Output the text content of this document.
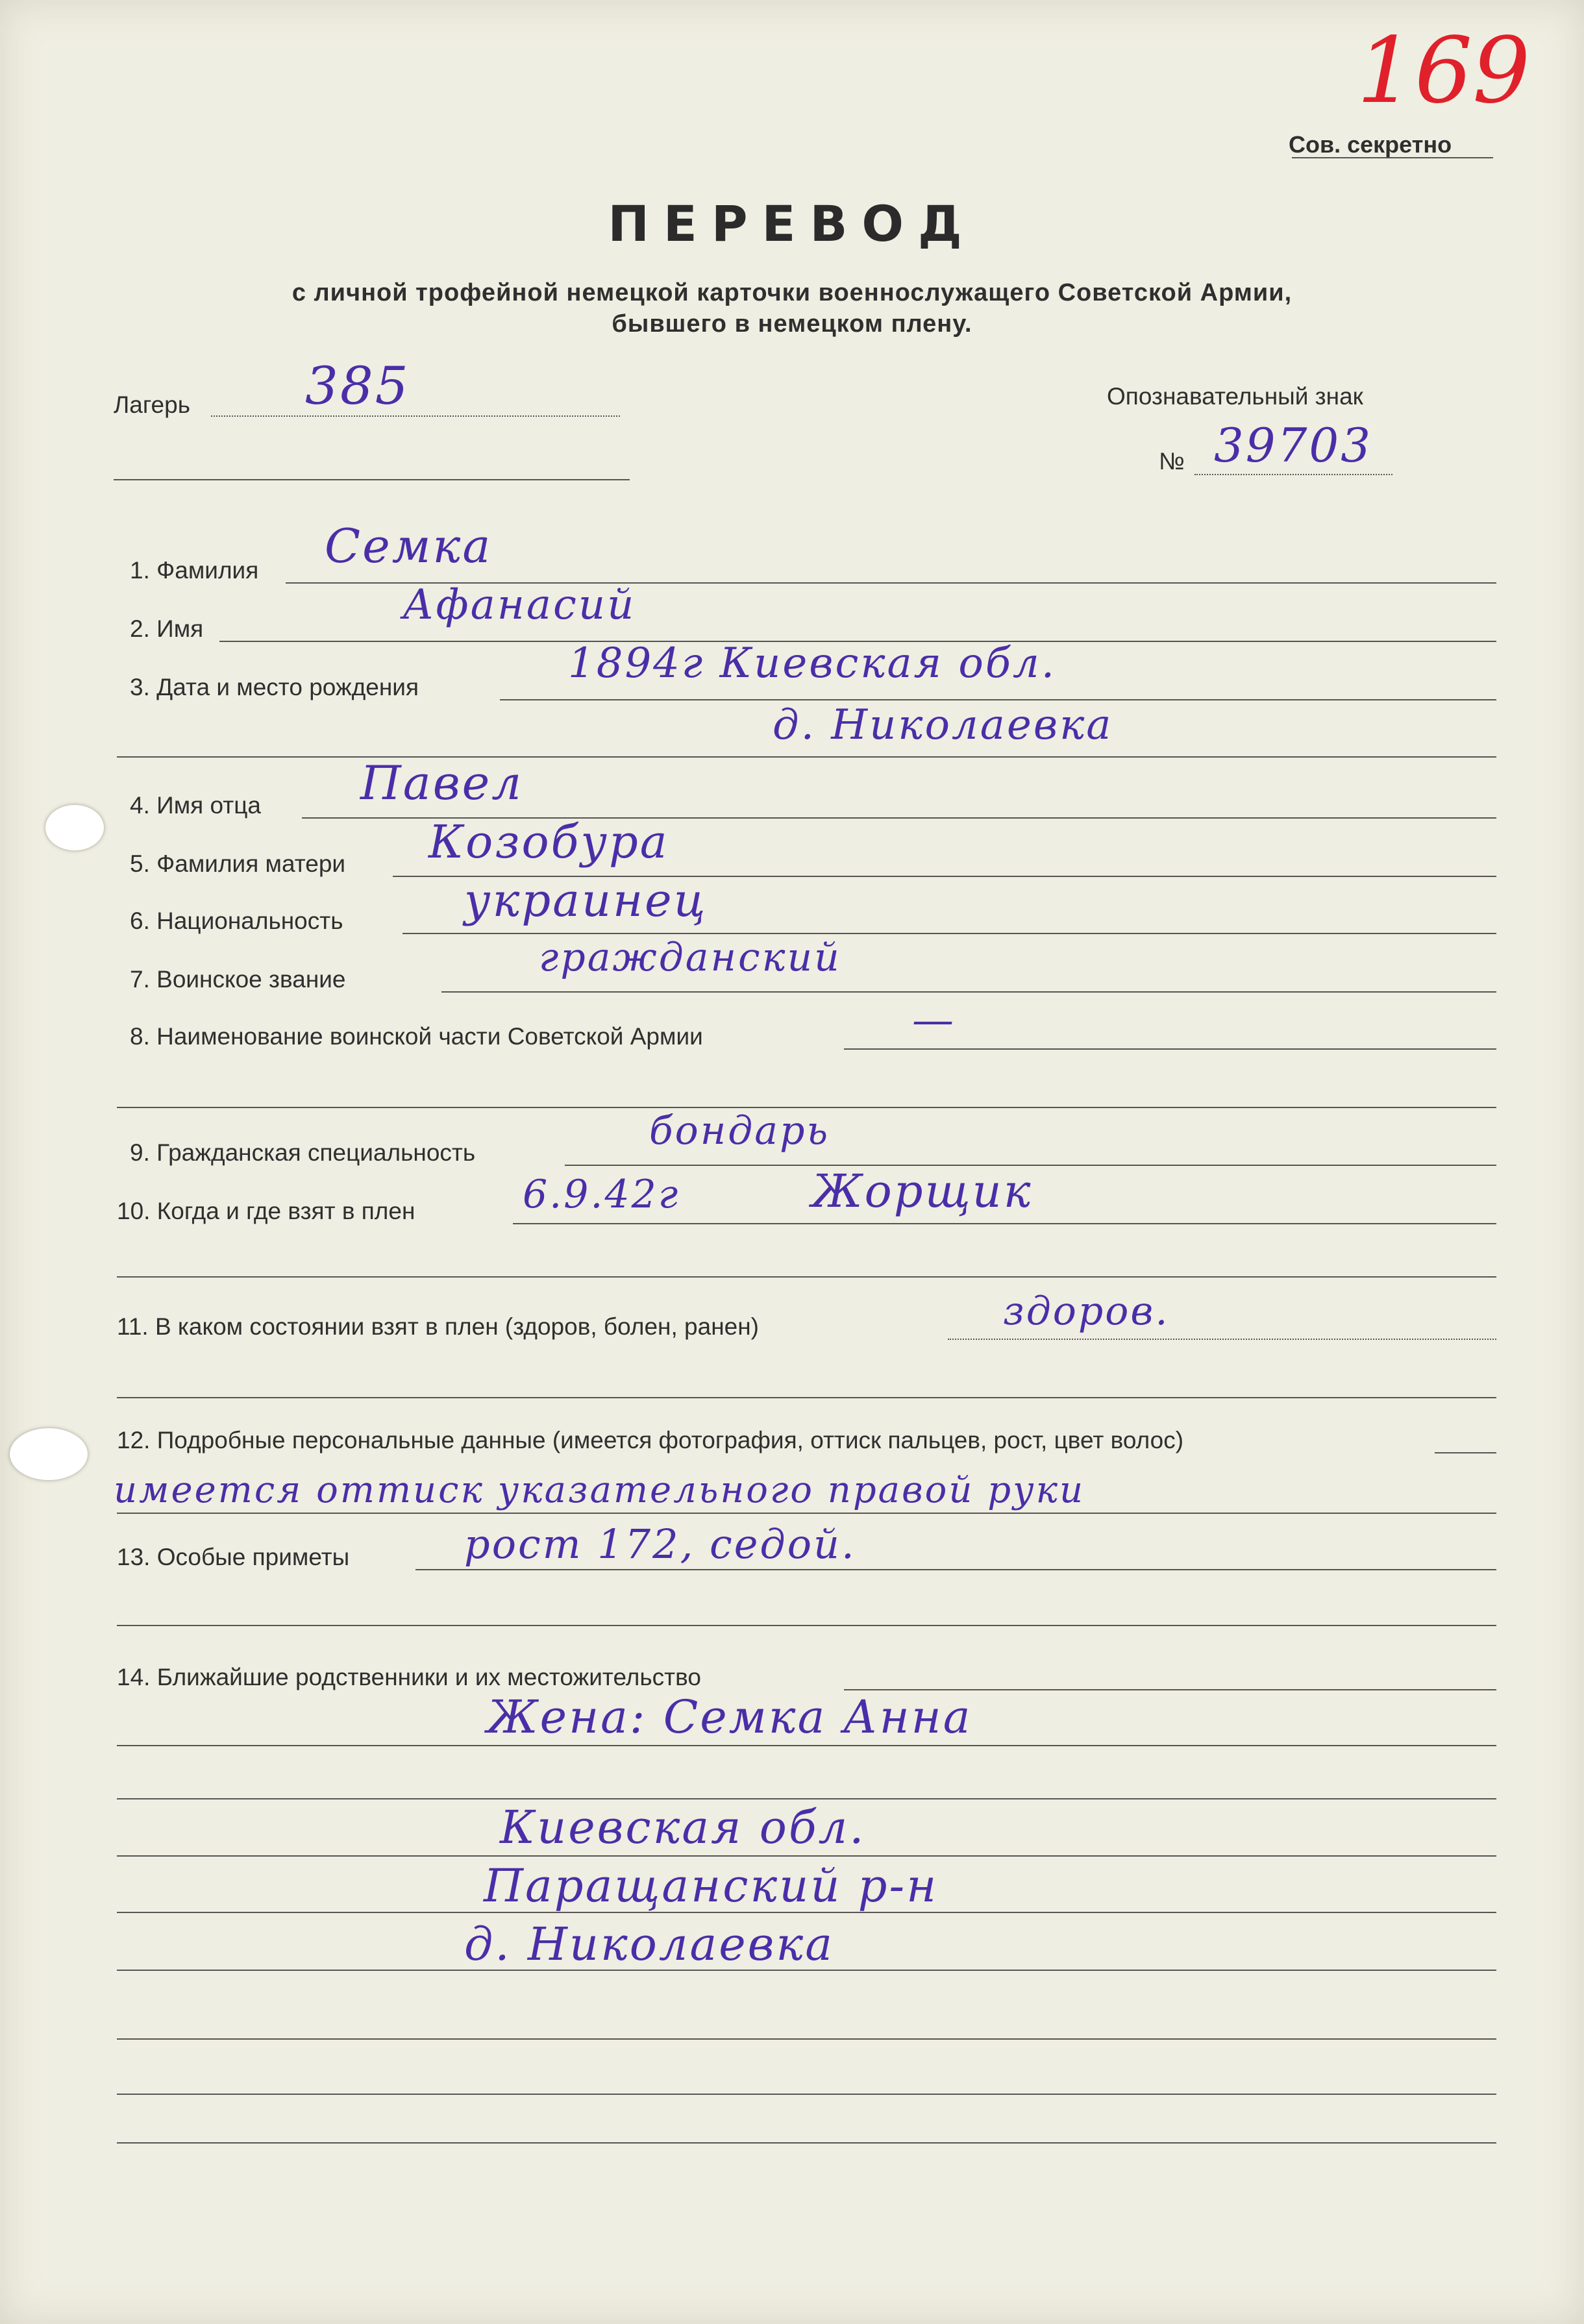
169
Сов. секретно
ПЕРЕВОД
с личной трофейной немецкой карточки военнослужащего Советской Армии,
бывшего в немецком плену.
Лагерь 385	Опознавательный знак
№ 39703
1. Фамилия Семка
2. Имя	Афанасий
3. Дата и место рождения	1894г Киевская обл.
д. Николаевка
4. Имя отца Павел
5. Фамилия матери Козобура
6. Национальность	украинец
7. Воинское звание	гражданский
8. Наименование воинской части Советской Армии	—
9. Гражданская специальность	бондарь
10. Когда и где взят в плен	6.9.42г	Жорщик
11. В каком состоянии взят в плен (здоров, болен, ранен)	здоров.
12. Подробные персональные данные (имеется фотография, оттиск пальцев, рост, цвет волос)
имеется оттиск указательного правой руки
13. Особые приметы	рост 172, седой.
14. Ближайшие родственники и их местожительство
Жена: Семка Анна
Киевская обл.
Паращанский р-н
д. Николаевка
